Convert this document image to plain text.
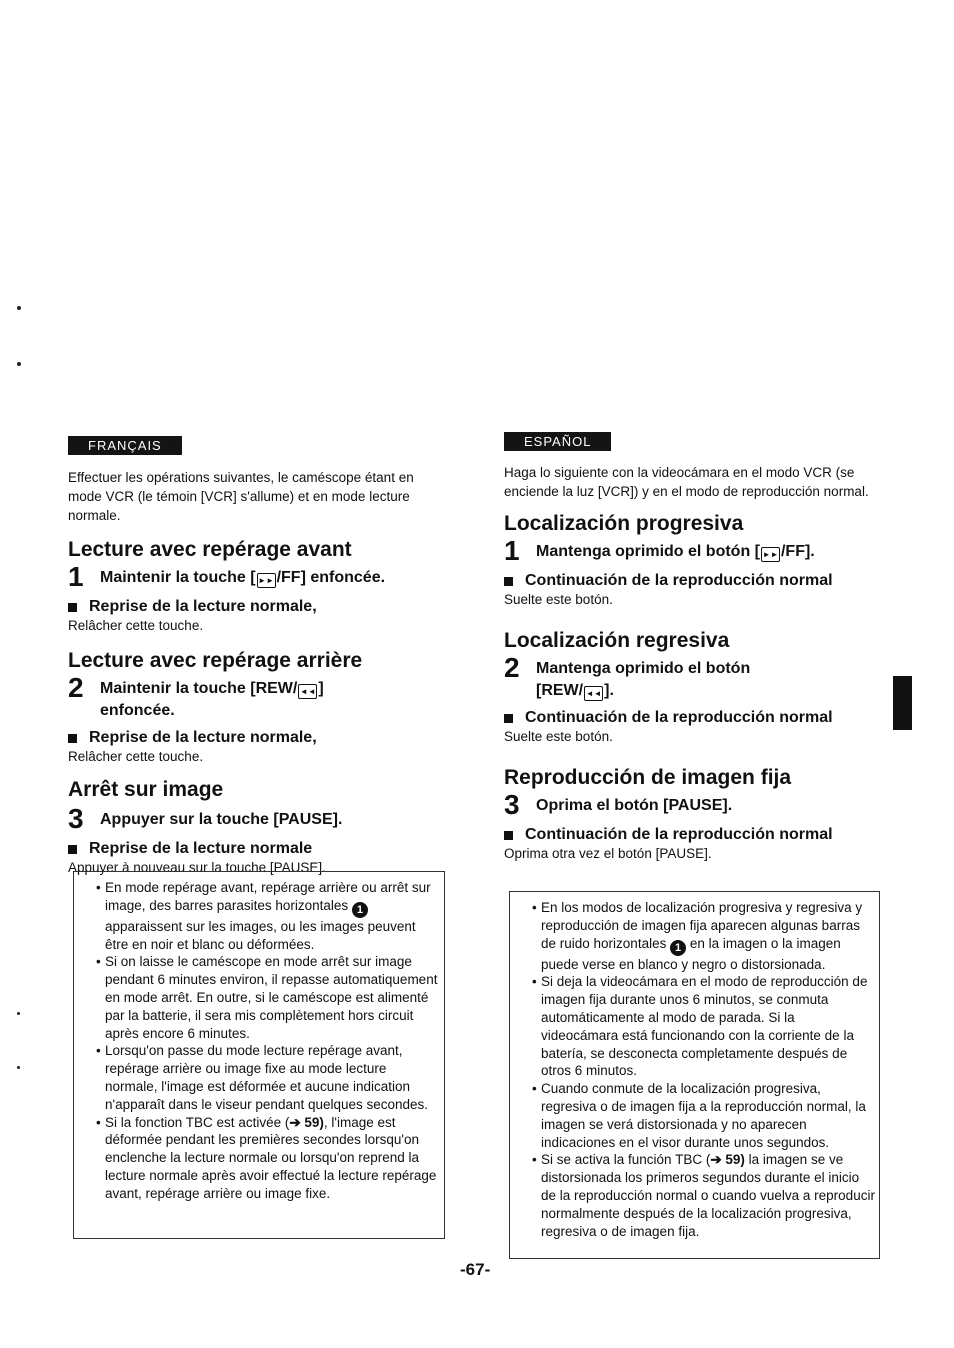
FRANÇAIS
Effectuer les opérations suivantes, le caméscope étant en mode VCR (le témoin [VCR] s'allume) et en mode lecture normale.
Lecture avec repérage avant
1	Maintenir la touche [ ►► /FF] enfoncée.
Reprise de la lecture normale,
Relâcher cette touche.
Lecture avec repérage arrière
2	Maintenir la touche [REW/ ◄◄ ] enfoncée.
Reprise de la lecture normale,
Relâcher cette touche.
Arrêt sur image
3	Appuyer sur la touche [PAUSE].
Reprise de la lecture normale
Appuyer à nouveau sur la touche [PAUSE].
• En mode repérage avant, repérage arrière ou arrêt sur image, des barres parasites horizontales 1 apparaissent sur les images, ou les images peuvent être en noir et blanc ou déformées.
• Si on laisse le caméscope en mode arrêt sur image pendant 6 minutes environ, il repasse automatiquement en mode arrêt. En outre, si le caméscope est alimenté par la batterie, il sera mis complètement hors circuit après encore 6 minutes.
• Lorsqu'on passe du mode lecture repérage avant, repérage arrière ou image fixe au mode lecture normale, l'image est déformée et aucune indication n'apparaît dans le viseur pendant quelques secondes.
• Si la fonction TBC est activée (➔ 59), l'image est déformée pendant les premières secondes lorsqu'on enclenche la lecture normale ou lorsqu'on reprend la lecture normale après avoir effectué la lecture repérage avant, repérage arrière ou image fixe.
ESPAÑOL
Haga lo siguiente con la videocámara en el modo VCR (se enciende la luz [VCR]) y en el modo de reproducción normal.
Localización progresiva
1	Mantenga oprimido el botón [ ►► /FF].
Continuación de la reproducción normal
Suelte este botón.
Localización regresiva
2	Mantenga oprimido el botón [REW/ ◄◄ ].
Continuación de la reproducción normal
Suelte este botón.
Reproducción de imagen fija
3	Oprima el botón [PAUSE].
Continuación de la reproducción normal
Oprima otra vez el botón [PAUSE].
• En los modos de localización progresiva y regresiva y reproducción de imagen fija aparecen algunas barras de ruido horizontales 1 en la imagen o la imagen puede verse en blanco y negro o distorsionada.
• Si deja la videocámara en el modo de reproducción de imagen fija durante unos 6 minutos, se conmuta automáticamente al modo de parada. Si la videocámara está funcionando con la corriente de la batería, se desconecta completamente después de otros 6 minutos.
• Cuando conmute de la localización progresiva, regresiva o de imagen fija a la reproducción normal, la imagen se verá distorsionada y no aparecen indicaciones en el visor durante unos segundos.
• Si se activa la función TBC (➔ 59) la imagen se ve distorsionada los primeros segundos durante el inicio de la reproducción normal o cuando vuelva a reproducir normalmente después de la localización progresiva, regresiva o de imagen fija.
-67-
